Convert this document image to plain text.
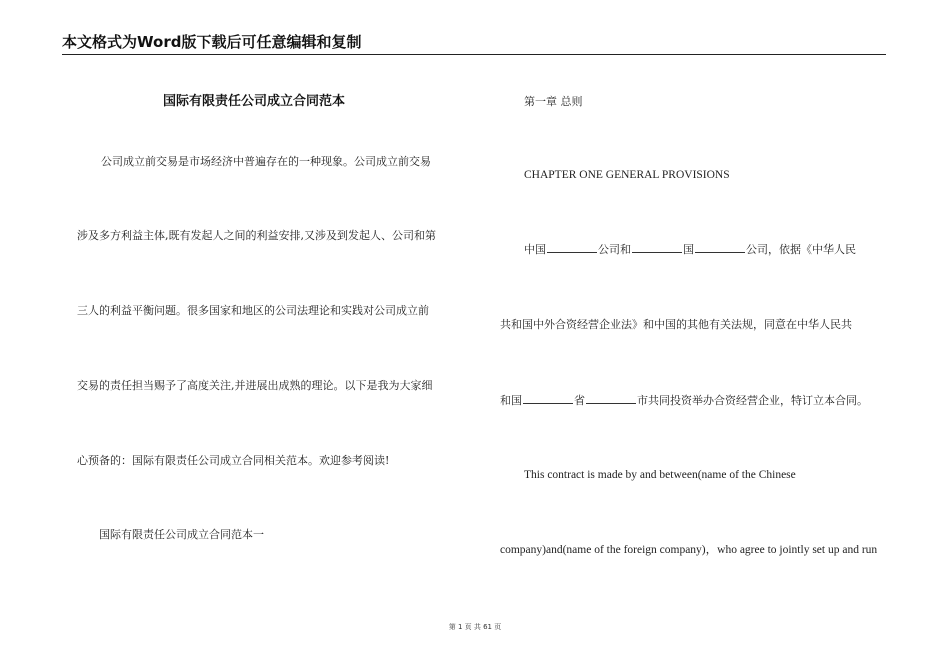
本文格式为Word版下载后可任意编辑和复制
国际有限责任公司成立合同范本
公司成立前交易是市场经济中普遍存在的一种现象。公司成立前交易
涉及多方利益主体,既有发起人之间的利益安排,又涉及到发起人、公司和第
三人的利益平衡问题。很多国家和地区的公司法理论和实践对公司成立前
交易的责任担当赐予了高度关注,并进展出成熟的理论。以下是我为大家细
心预备的：国际有限责任公司成立合同相关范本。欢迎参考阅读!
国际有限责任公司成立合同范本一
第一章 总则
CHAPTER ONE GENERAL PROVISIONS
中国	公司和	国	公司，依据《中华人民
共和国中外合资经营企业法》和中国的其他有关法规，同意在中华人民共
和国	省	市共同投资举办合资经营企业，特订立本合同。
This contract is made by and between(name of the Chinese
company)and(name of the foreign company)，who agree to jointly set up and run
第 1 页 共 61 页
